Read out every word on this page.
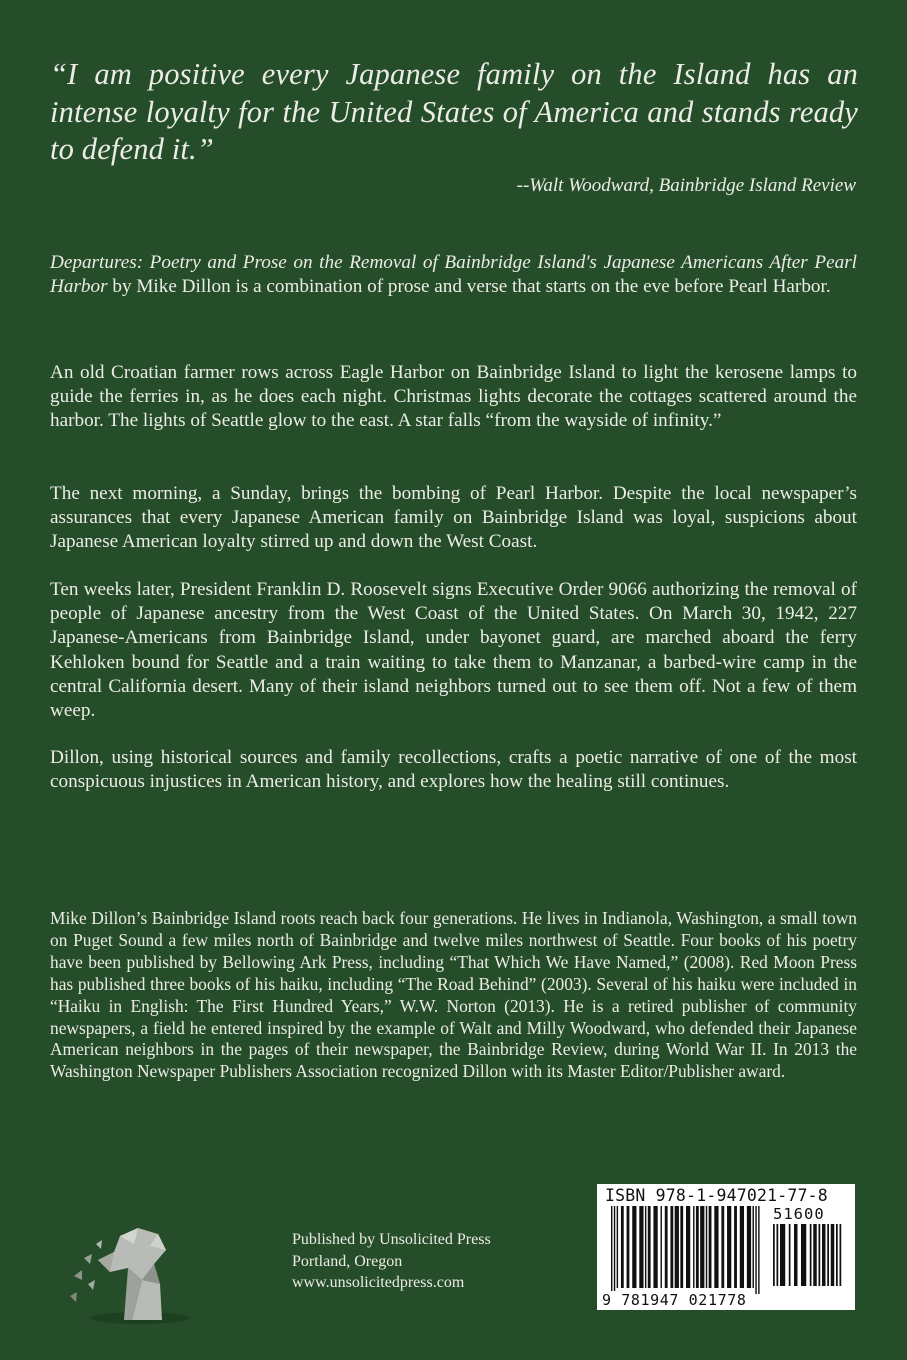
“I am positive every Japanese family on the Island has an intense loyalty for the United States of America and stands ready to defend it.”

--Walt Woodward, Bainbridge Island Review

Departures: Poetry and Prose on the Removal of Bainbridge Island's Japanese Americans After Pearl Harbor by Mike Dillon is a combination of prose and verse that starts on the eve before Pearl Harbor.

An old Croatian farmer rows across Eagle Harbor on Bainbridge Island to light the kerosene lamps to guide the ferries in, as he does each night. Christmas lights decorate the cottages scattered around the harbor. The lights of Seattle glow to the east. A star falls “from the wayside of infinity.”

The next morning, a Sunday, brings the bombing of Pearl Harbor. Despite the local newspaper’s assurances that every Japanese American family on Bainbridge Island was loyal, suspicions about Japanese American loyalty stirred up and down the West Coast.

Ten weeks later, President Franklin D. Roosevelt signs Executive Order 9066 authorizing the removal of people of Japanese ancestry from the West Coast of the United States. On March 30, 1942, 227 Japanese-Americans from Bainbridge Island, under bayonet guard, are marched aboard the ferry Kehloken bound for Seattle and a train waiting to take them to Manzanar, a barbed-wire camp in the central California desert. Many of their island neighbors turned out to see them off. Not a few of them weep.

Dillon, using historical sources and family recollections, crafts a poetic narrative of one of the most conspicuous injustices in American history, and explores how the healing still continues.

Mike Dillon’s Bainbridge Island roots reach back four generations. He lives in Indianola, Washington, a small town on Puget Sound a few miles north of Bainbridge and twelve miles northwest of Seattle. Four books of his poetry have been published by Bellowing Ark Press, including “That Which We Have Named,” (2008). Red Moon Press has published three books of his haiku, including “The Road Behind” (2003). Several of his haiku were included in “Haiku in English: The First Hundred Years,” W.W. Norton (2013). He is a retired publisher of community newspapers, a field he entered inspired by the example of Walt and Milly Woodward, who defended their Japanese American neighbors in the pages of their newspaper, the Bainbridge Review, during World War II. In 2013 the Washington Newspaper Publishers Association recognized Dillon with its Master Editor/Publisher award.

Published by Unsolicited Press
Portland, Oregon
www.unsolicitedpress.com
ISBN 978-1-947021-77-8
51600
9 781947 021778
